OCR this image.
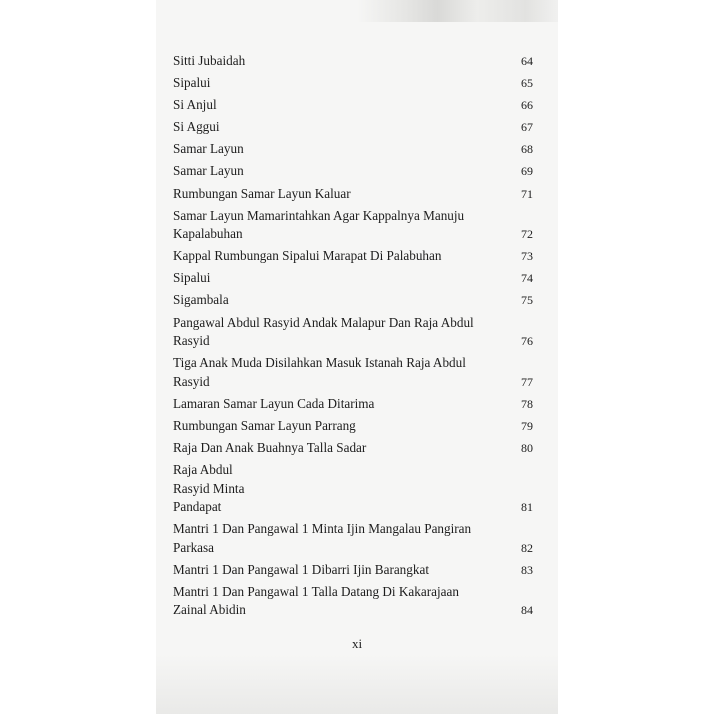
Sitti Jubaidah	64
Sipalui	65
Si Anjul	66
Si Aggui	67
Samar Layun	68
Samar Layun	69
Rumbungan Samar Layun Kaluar	71
Samar Layun Mamarintahkan Agar Kappalnya Manuju Kapalabuhan	72
Kappal Rumbungan Sipalui Marapat Di Palabuhan	73
Sipalui	74
Sigambala	75
Pangawal Abdul Rasyid Andak Malapur Dan Raja Abdul Rasyid	76
Tiga Anak Muda Disilahkan Masuk Istanah Raja Abdul Rasyid	77
Lamaran Samar Layun Cada Ditarima	78
Rumbungan Samar Layun Parrang	79
Raja Dan Anak Buahnya Talla Sadar	80
Raja Abdul Rasyid Minta Pandapat	81
Mantri 1 Dan Pangawal 1 Minta Ijin Mangalau Pangiran Parkasa	82
Mantri 1 Dan Pangawal 1 Dibarri Ijin Barangkat	83
Mantri 1 Dan Pangawal 1 Talla Datang Di Kakarajaan Zainal Abidin	84
xi
